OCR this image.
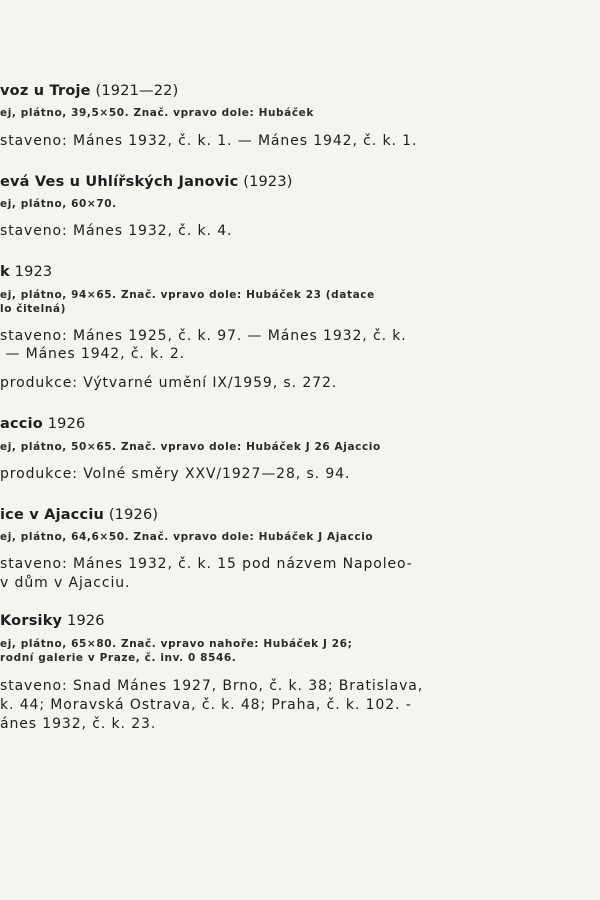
voz u Troje (1921—22)
ej, plátno, 39,5×50. Znač. vpravo dole: Hubáček
staveno: Mánes 1932, č. k. 1. — Mánes 1942, č. k. 1.
evá Ves u Uhlířských Janovic (1923)
ej, plátno, 60×70.
staveno: Mánes 1932, č. k. 4.
k 1923
ej, plátno, 94×65. Znač. vpravo dole: Hubáček 23 (datace
lo čitelná)
staveno: Mánes 1925, č. k. 97. — Mánes 1932, č. k.
— Mánes 1942, č. k. 2.
produkce: Výtvarné umění IX/1959, s. 272.
accio 1926
ej, plátno, 50×65. Znač. vpravo dole: Hubáček J 26 Ajaccio
produkce: Volné směry XXV/1927—28, s. 94.
ice v Ajacciu (1926)
ej, plátno, 64,6×50. Znač. vpravo dole: Hubáček J Ajaccio
staveno: Mánes 1932, č. k. 15 pod názvem Napoleo-
v dům v Ajacciu.
Korsiky 1926
ej, plátno, 65×80. Znač. vpravo nahoře: Hubáček J 26;
rodní galerie v Praze, č. inv. 0 8546.
staveno: Snad Mánes 1927, Brno, č. k. 38; Bratislava,
k. 44; Moravská Ostrava, č. k. 48; Praha, č. k. 102. -
ánes 1932, č. k. 23.
